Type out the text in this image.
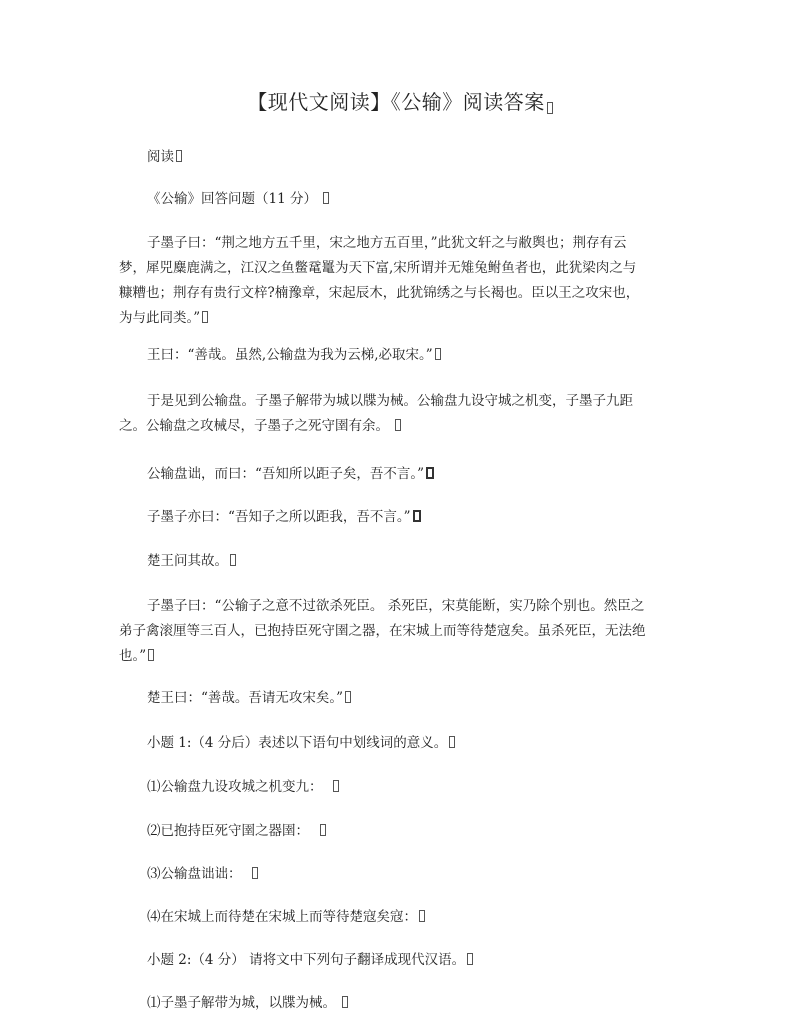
【现代文阅读】《公输》阅读答案

阅读

《公输》回答问题（11 分）

子墨子曰：“荆之地方五千里，宋之地方五百里，”此犹文轩之与敝舆也；荆存有云
梦，犀兕麋鹿满之，江汉之鱼鳖鼋鼍为天下富,宋所谓并无雉兔鲋鱼者也，此犹梁肉之与
糠糟也；荆存有贵行文梓?楠豫章，宋起辰木，此犹锦绣之与长褐也。臣以王之攻宋也，
为与此同类。”

王曰：“善哉。虽然,公输盘为我为云梯,必取宋。”

于是见到公输盘。子墨子解带为城以牒为械。公输盘九设守城之机变，子墨子九距
之。公输盘之攻械尽，子墨子之死守圉有余。

公输盘诎，而曰：“吾知所以距子矣，吾不言。”

子墨子亦曰：“吾知子之所以距我，吾不言。”

楚王问其故。

子墨子曰：“公输子之意不过欲杀死臣。 杀死臣，宋莫能断，实乃除个别也。然臣之
弟子禽滚厘等三百人，已抱持臣死守圉之器，在宋城上而等待楚寇矣。虽杀死臣，无法绝
也。”

楚王曰：“善哉。吾请无攻宋矣。”

小题 1:（4 分后）表述以下语句中划线词的意义。

⑴公输盘九设攻城之机变九：

⑵已抱持臣死守圉之器圉：

⑶公输盘诎诎：

⑷在宋城上而待楚在宋城上而等待楚寇矣寇：

小题 2:（4 分） 请将文中下列句子翻译成现代汉语。

⑴子墨子解带为城，以牒为械。
